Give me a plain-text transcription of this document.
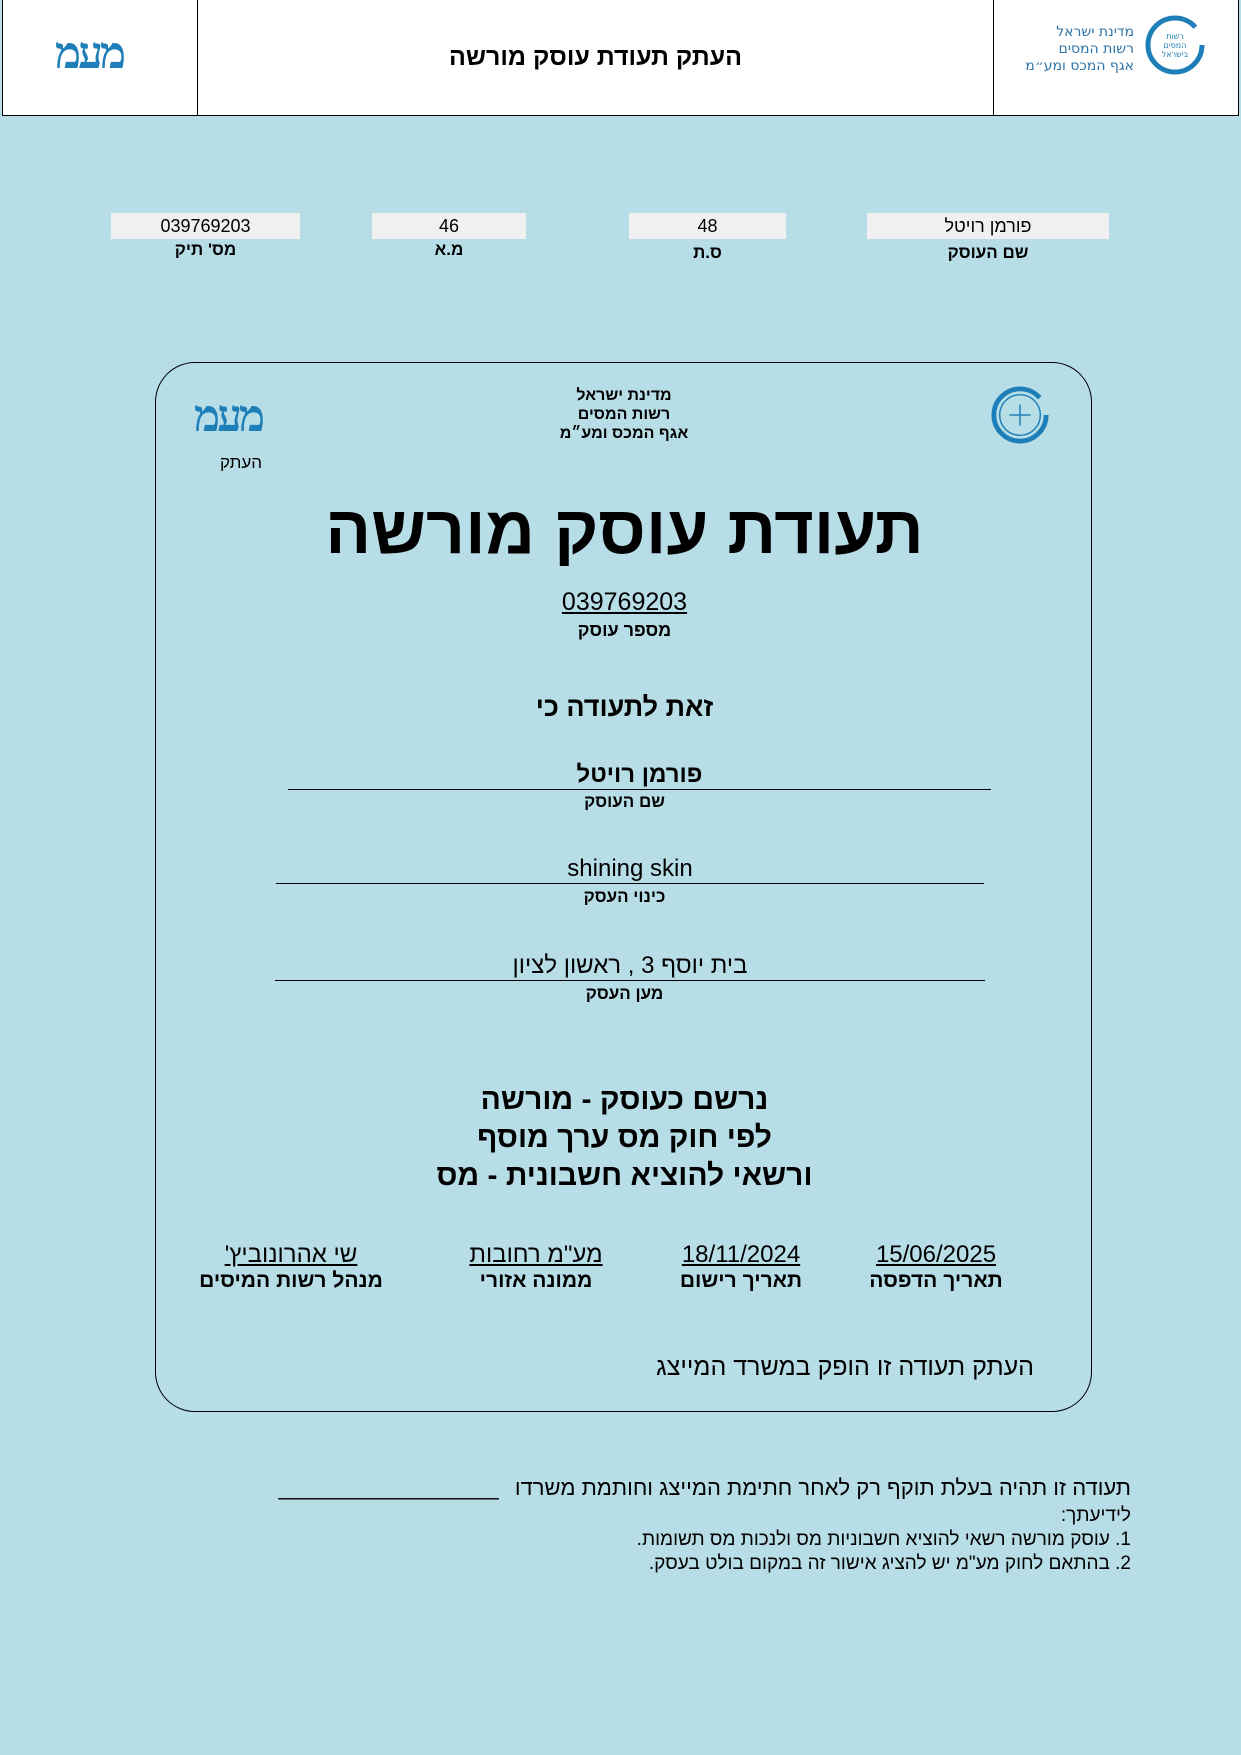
מעמ	העתק תעודת עוסק מורשה
רשות
המסים
בישראל
מדינת ישראל
רשות המסים
אגף המכס ומע״מ
פורמן רויטל
שם העוסק
48
ס.ת
46
מ.א
039769203
מס' תיק
מדינת ישראל
רשות המסים
אגף המכס ומע״מ
מעמ
העתק
תעודת עוסק מורשה
039769203
מספר עוסק
זאת לתעודה כי
פורמן רויטל
שם העוסק
shining skin
כינוי העסק
בית יוסף 3 , ראשון לציון
מען העסק
נרשם כעוסק - מורשה
לפי חוק מס ערך מוסף
ורשאי להוציא חשבונית - מס
15/06/2025
תאריך הדפסה
18/11/2024
תאריך רישום
מע"מ רחובות
ממונה אזורי
שי אהרונוביץ'
מנהל רשות המיסים
העתק תעודה זו הופק במשרד המייצג
תעודה זו תהיה בעלת תוקף רק לאחר חתימת המייצג וחותמת משרדו __________________
לידיעתך:
1. עוסק מורשה רשאי להוציא חשבוניות מס ולנכות מס תשומות.
2. בהתאם לחוק מע"מ יש להציג אישור זה במקום בולט בעסק.
